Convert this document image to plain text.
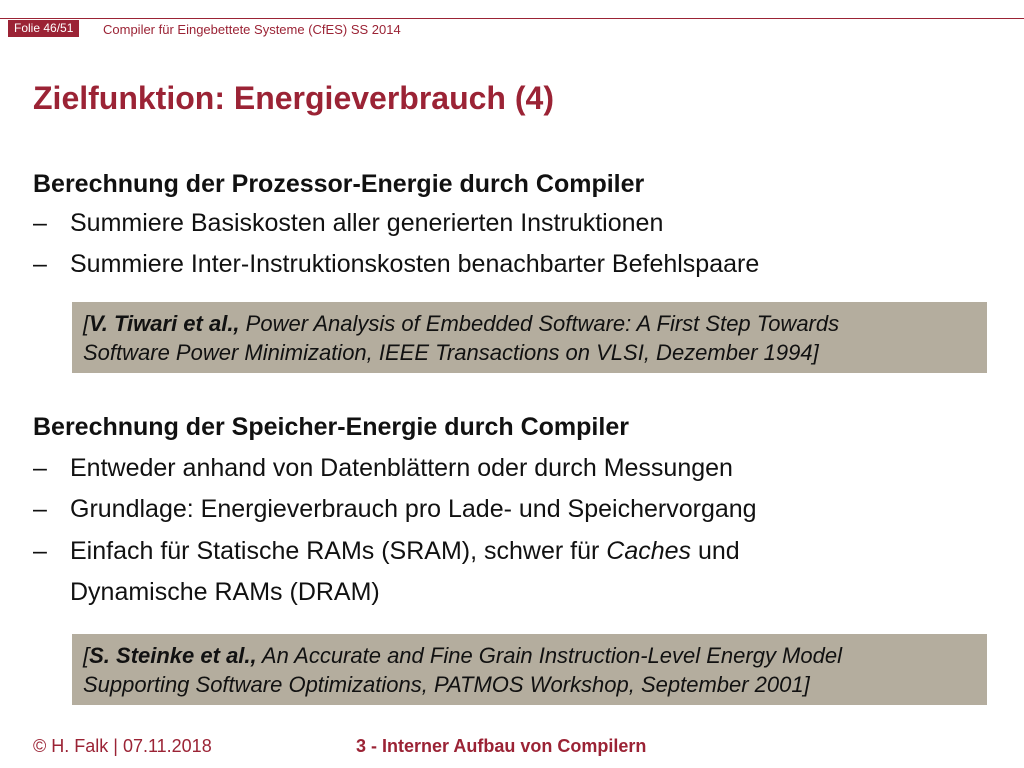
Folie 46/51	Compiler für Eingebettete Systeme (CfES) SS 2014
Zielfunktion: Energieverbrauch (4)
Berechnung der Prozessor-Energie durch Compiler
– Summiere Basiskosten aller generierten Instruktionen
– Summiere Inter-Instruktionskosten benachbarter Befehlspaare
[V. Tiwari et al., Power Analysis of Embedded Software: A First Step Towards
Software Power Minimization, IEEE Transactions on VLSI, Dezember 1994]
Berechnung der Speicher-Energie durch Compiler
– Entweder anhand von Datenblättern oder durch Messungen
– Grundlage: Energieverbrauch pro Lade- und Speichervorgang
– Einfach für Statische RAMs (SRAM), schwer für Caches und
Dynamische RAMs (DRAM)
[S. Steinke et al., An Accurate and Fine Grain Instruction-Level Energy Model
Supporting Software Optimizations, PATMOS Workshop, September 2001]
© H. Falk | 07.11.2018	3 - Interner Aufbau von Compilern
